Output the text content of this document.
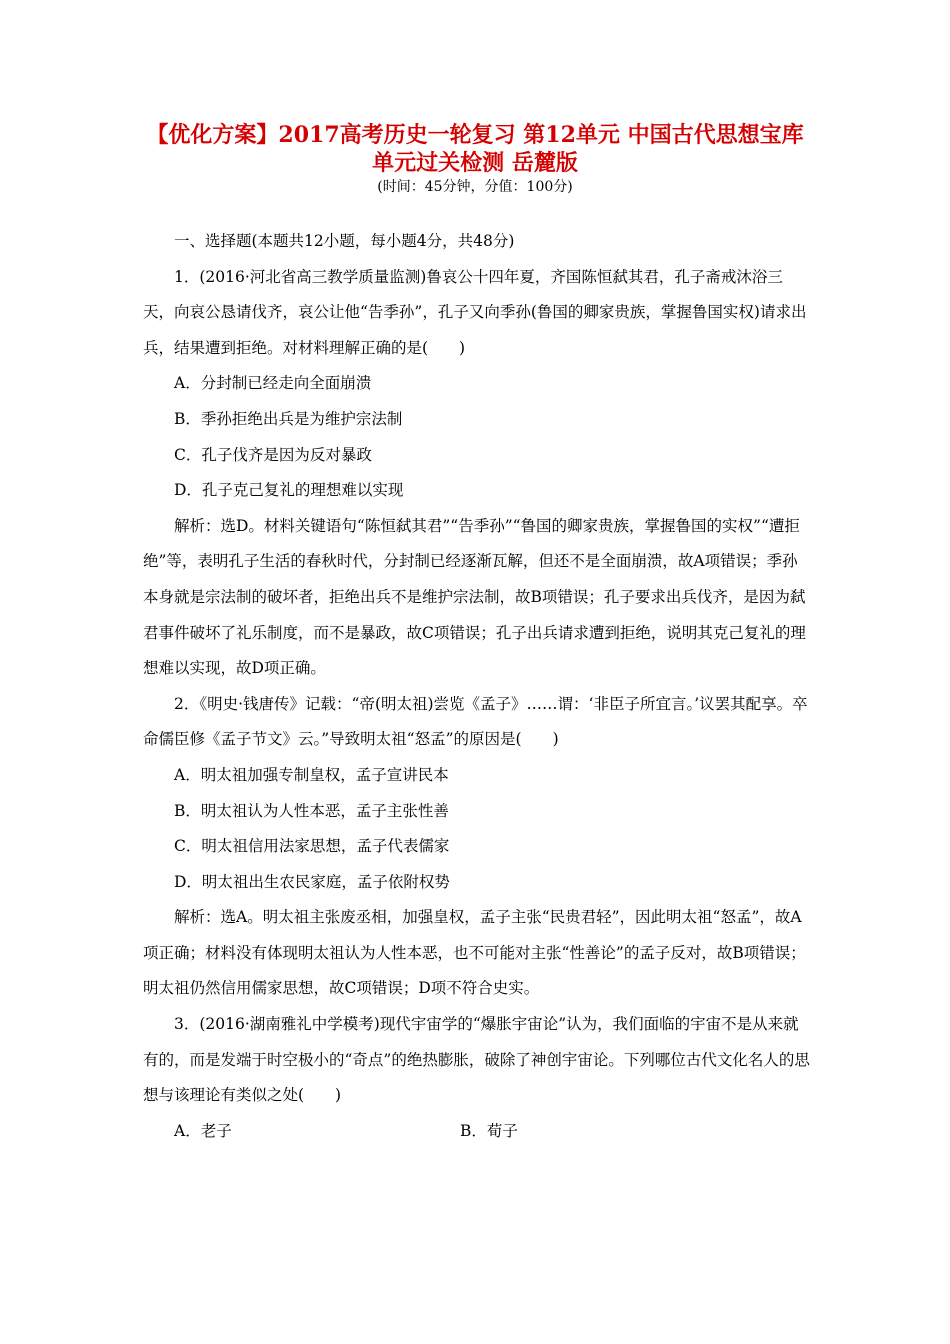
【优化方案】2017高考历史一轮复习 第12单元 中国古代思想宝库
单元过关检测 岳麓版
(时间：45分钟，分值：100分)

一、选择题(本题共12小题，每小题4分，共48分)

1．(2016·河北省高三教学质量监测)鲁哀公十四年夏，齐国陈恒弑其君，孔子斋戒沐浴三天，向哀公恳请伐齐，哀公让他“告季孙”，孔子又向季孙(鲁国的卿家贵族，掌握鲁国实权)请求出兵，结果遭到拒绝。对材料理解正确的是(　　)

A．分封制已经走向全面崩溃

B．季孙拒绝出兵是为维护宗法制

C．孔子伐齐是因为反对暴政

D．孔子克己复礼的理想难以实现

解析：选D。材料关键语句“陈恒弑其君”“告季孙”“鲁国的卿家贵族，掌握鲁国的实权”“遭拒绝”等，表明孔子生活的春秋时代，分封制已经逐渐瓦解，但还不是全面崩溃，故A项错误；季孙本身就是宗法制的破坏者，拒绝出兵不是维护宗法制，故B项错误；孔子要求出兵伐齐，是因为弑君事件破坏了礼乐制度，而不是暴政，故C项错误；孔子出兵请求遭到拒绝，说明其克己复礼的理想难以实现，故D项正确。

2．《明史·钱唐传》记载：“帝(明太祖)尝览《孟子》……谓：‘非臣子所宜言。’议罢其配享。卒命儒臣修《孟子节文》云。”导致明太祖“怒孟”的原因是(　　)

A．明太祖加强专制皇权，孟子宣讲民本

B．明太祖认为人性本恶，孟子主张性善

C．明太祖信用法家思想，孟子代表儒家

D．明太祖出生农民家庭，孟子依附权势

解析：选A。明太祖主张废丞相，加强皇权，孟子主张“民贵君轻”，因此明太祖“怒孟”，故A项正确；材料没有体现明太祖认为人性本恶，也不可能对主张“性善论”的孟子反对，故B项错误；明太祖仍然信用儒家思想，故C项错误；D项不符合史实。

3．(2016·湖南雅礼中学模考)现代宇宙学的“爆胀宇宙论”认为，我们面临的宇宙不是从来就有的，而是发端于时空极小的“奇点”的绝热膨胀，破除了神创宇宙论。下列哪位古代文化名人的思想与该理论有类似之处(　　)

A．老子	B．荀子
